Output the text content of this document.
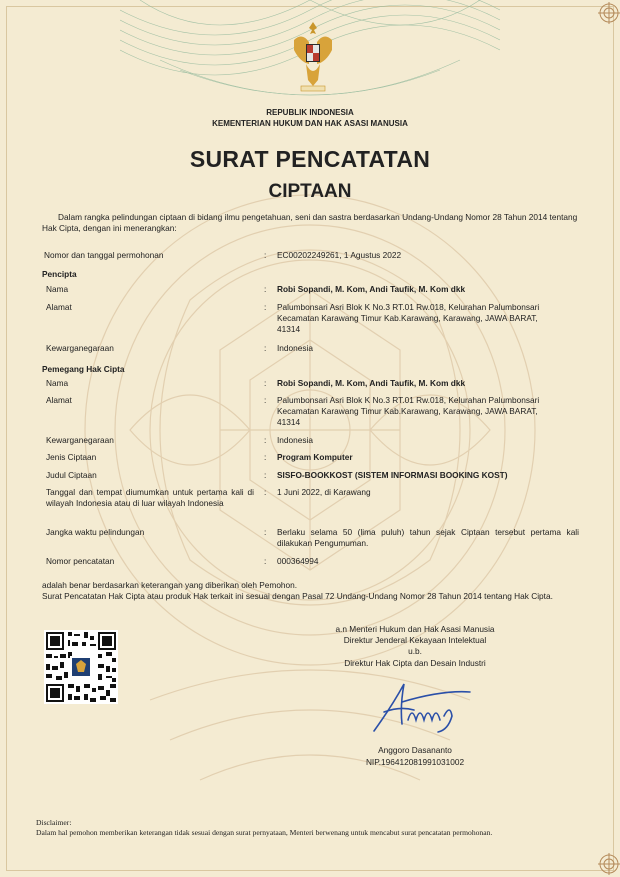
REPUBLIK INDONESIA
KEMENTERIAN HUKUM DAN HAK ASASI MANUSIA
SURAT PENCATATAN
CIPTAAN
Dalam rangka pelindungan ciptaan di bidang ilmu pengetahuan, seni dan sastra berdasarkan Undang-Undang Nomor 28 Tahun 2014 tentang Hak Cipta, dengan ini menerangkan:
Nomor dan tanggal permohonan	: EC00202249261, 1 Agustus 2022
Pencipta
Nama	: Robi Sopandi, M. Kom, Andi Taufik, M. Kom dkk
Alamat	: Palumbonsari Asri Blok K No.3 RT.01 Rw.018, Kelurahan Palumbonsari Kecamatan Karawang Timur Kab.Karawang, Karawang, JAWA BARAT, 41314
Kewarganegaraan	: Indonesia
Pemegang Hak Cipta
Nama	: Robi Sopandi, M. Kom, Andi Taufik, M. Kom dkk
Alamat	: Palumbonsari Asri Blok K No.3 RT.01 Rw.018, Kelurahan Palumbonsari Kecamatan Karawang Timur Kab.Karawang, Karawang, JAWA BARAT, 41314
Kewarganegaraan	: Indonesia
Jenis Ciptaan	: Program Komputer
Judul Ciptaan	: SISFO-BOOKKOST (SISTEM INFORMASI BOOKING KOST)
Tanggal dan tempat diumumkan untuk pertama kali di wilayah Indonesia atau di luar wilayah Indonesia
: 1 Juni 2022, di Karawang
Jangka waktu pelindungan	: Berlaku selama 50 (lima puluh) tahun sejak Ciptaan tersebut pertama kali dilakukan Pengumuman.
Nomor pencatatan	: 000364994
adalah benar berdasarkan keterangan yang diberikan oleh Pemohon.
Surat Pencatatan Hak Cipta atau produk Hak terkait ini sesuai dengan Pasal 72 Undang-Undang Nomor 28 Tahun 2014 tentang Hak Cipta.
a.n Menteri Hukum dan Hak Asasi Manusia
Direktur Jenderal Kekayaan Intelektual
u.b.
Direktur Hak Cipta dan Desain Industri
Anggoro Dasananto
NIP.196412081991031002
Disclaimer:
Dalam hal pemohon memberikan keterangan tidak sesuai dengan surat pernyataan, Menteri berwenang untuk mencabut surat pencatatan permohonan.
